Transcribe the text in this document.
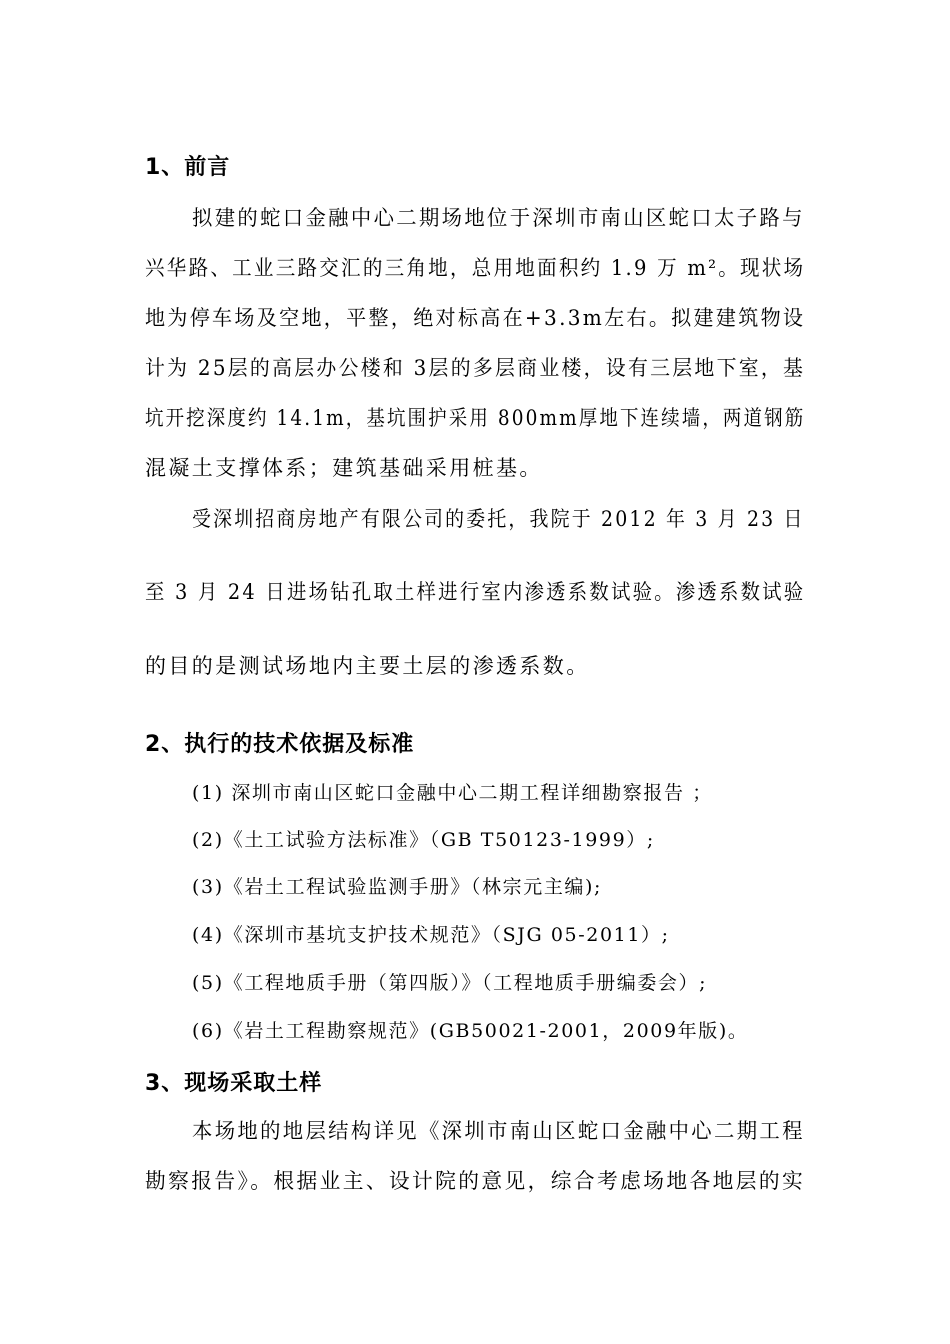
1、前言
拟建的蛇口金融中心二期场地位于深圳市南山区蛇口太子路与
兴华路、工业三路交汇的三角地，总用地面积约 1.9 万 m²。现状场
地为停车场及空地，平整，绝对标高在+3.3m左右。拟建建筑物设
计为 25层的高层办公楼和 3层的多层商业楼，设有三层地下室，基
坑开挖深度约 14.1m，基坑围护采用 800mm厚地下连续墙，两道钢筋
混凝土支撑体系；建筑基础采用桩基。
受深圳招商房地产有限公司的委托，我院于 2012 年 3 月 23 日
至 3 月 24 日进场钻孔取土样进行室内渗透系数试验。渗透系数试验
的目的是测试场地内主要土层的渗透系数。
2、执行的技术依据及标准
(1) 深圳市南山区蛇口金融中心二期工程详细勘察报告 ；
(2)《土工试验方法标准》（GB T50123-1999）;
(3)《岩土工程试验监测手册》（林宗元主编);
(4)《深圳市基坑支护技术规范》（SJG 05-2011）;
(5)《工程地质手册（第四版）》（工程地质手册编委会）;
(6)《岩土工程勘察规范》(GB50021-2001，2009年版)。
3、现场采取土样
本场地的地层结构详见《深圳市南山区蛇口金融中心二期工程
勘察报告》。根据业主、设计院的意见，综合考虑场地各地层的实
